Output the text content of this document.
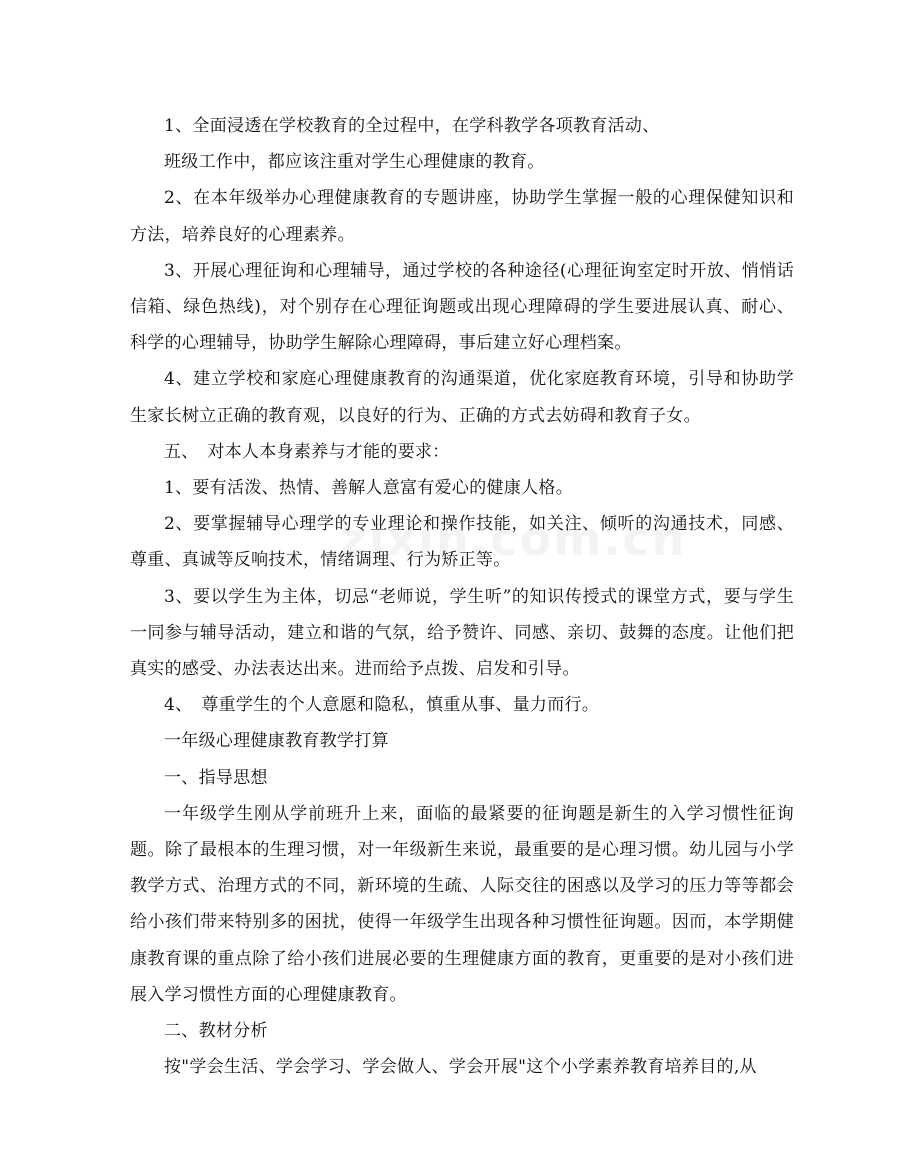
1、全面浸透在学校教育的全过程中，在学科教学各项教育活动、

班级工作中，都应该注重对学生心理健康的教育。

2、在本年级举办心理健康教育的专题讲座，协助学生掌握一般的心理保健知识和方法，培养良好的心理素养。

3、开展心理征询和心理辅导，通过学校的各种途径(心理征询室定时开放、悄悄话信箱、绿色热线)，对个别存在心理征询题或出现心理障碍的学生要进展认真、耐心、科学的心理辅导，协助学生解除心理障碍，事后建立好心理档案。

4、建立学校和家庭心理健康教育的沟通渠道，优化家庭教育环境，引导和协助学生家长树立正确的教育观，以良好的行为、正确的方式去妨碍和教育子女。

五、　对本人本身素养与才能的要求：

1、要有活泼、热情、善解人意富有爱心的健康人格。

2、要掌握辅导心理学的专业理论和操作技能，如关注、倾听的沟通技术，同感、尊重、真诚等反响技术，情绪调理、行为矫正等。

3、要以学生为主体，切忌“老师说，学生听”的知识传授式的课堂方式，要与学生一同参与辅导活动，建立和谐的气氛，给予赞许、同感、亲切、鼓舞的态度。让他们把真实的感受、办法表达出来。进而给予点拨、启发和引导。

4、　尊重学生的个人意愿和隐私，慎重从事、量力而行。

一年级心理健康教育教学打算

一、指导思想

一年级学生刚从学前班升上来，面临的最紧要的征询题是新生的入学习惯性征询题。除了最根本的生理习惯，对一年级新生来说，最重要的是心理习惯。幼儿园与小学教学方式、治理方式的不同，新环境的生疏、人际交往的困惑以及学习的压力等等都会给小孩们带来特别多的困扰，使得一年级学生出现各种习惯性征询题。因而，本学期健康教育课的重点除了给小孩们进展必要的生理健康方面的教育，更重要的是对小孩们进展入学习惯性方面的心理健康教育。

二、教材分析

按"学会生活、学会学习、学会做人、学会开展"这个小学素养教育培养目的,从
